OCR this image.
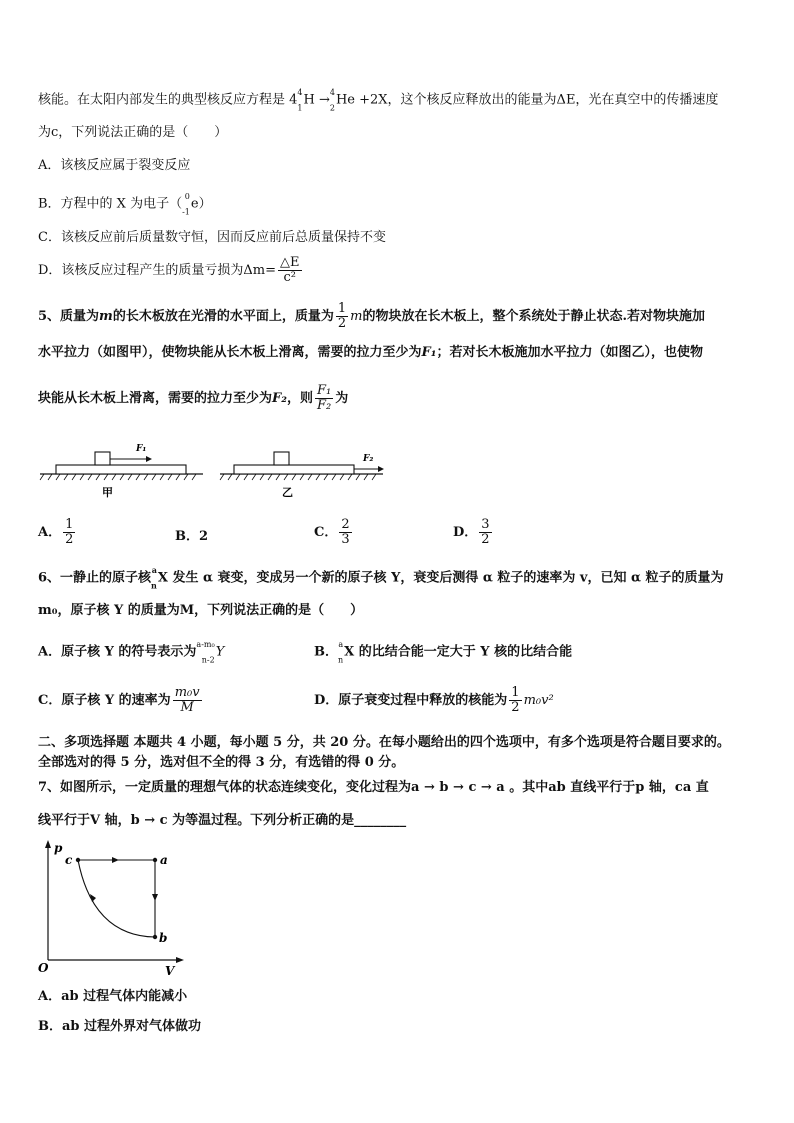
核能。在太阳内部发生的典型核反应方程是 $4^4$
$_1$H →$^4$
$_2$He +2X，这个核反应释放出的能量为ΔE，光在真空中的传播速度
为c，下列说法正确的是（　　）
A．该核反应属于裂变反应
B．方程中的 X 为电子（$^0$
$_{-1}$e）
C．该核反应前后质量数守恒，因而反应前后总质量保持不变
D．该核反应过程产生的质量亏损为$\Delta m= \frac{\triangle E}{\text{c²}}$
5、质量为m的长木板放在光滑的水平面上，质量为 $\frac{1}{2}$ m的物块放在长木板上，整个系统处于静止状态.若对物块施加
水平拉力（如图甲），使物块能从长木板上滑离，需要的拉力至少为F₁；若对长木板施加水平拉力（如图乙），也使物
块能从长木板上滑离，需要的拉力至少为F₂，则 $\frac{\text{F₁}}{\text{F₂}}$ 为
F₁
甲
F₂
乙
A． $\frac{1}{2}$	B．2	C． $\frac{2}{3}$	D． $\frac{3}{2}$
6、一静止的原子核$^a$
$_n$X 发生 α 衰变，变成另一个新的原子核 Y，衰变后测得 α 粒子的速率为 v，已知 α 粒子的质量为
m₀，原子核 Y 的质量为M，下列说法正确的是（　　）
A．原子核 Y 的符号表示为$^{a-m_0}$
$_{n-2}$Y	B．$^a$
$_n$X 的比结合能一定大于 Y 核的比结合能
C．原子核 Y 的速率为 $\frac{\text{m₀v}}{M}$	D．原子衰变过程中释放的核能为 $\frac{1}{2} m_0v^2$
二、多项选择题 本题共 4 小题，每小题 5 分，共 20 分。在每小题给出的四个选项中，有多个选项是符合题目要求的。
全部选对的得 5 分，选对但不全的得 3 分，有选错的得 0 分。
7、如图所示，一定质量的理想气体的状态连续变化，变化过程为a → b → c → a 。其中ab 直线平行于p 轴，ca 直
线平行于V 轴，b → c 为等温过程。下列分析正确的是________
p
V
O
c	a
b
A．ab 过程气体内能减小
B．ab 过程外界对气体做功
